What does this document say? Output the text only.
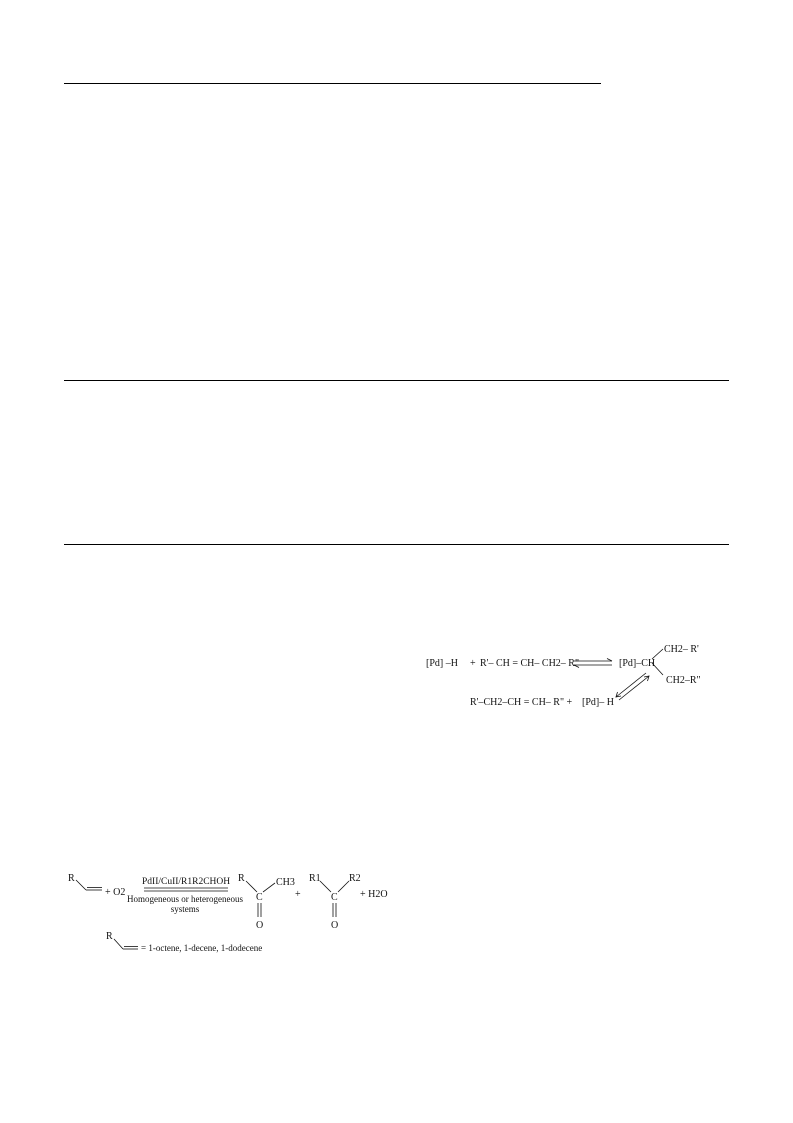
[Pd] –H + R'– CH = CH– CH2– R"	[Pd]–CH
CH2– R'
CH2–R"
R'–CH2–CH = CH– R" + [Pd]– H
R
+ O2
PdII/CuII/R1R2CHOH
Homogeneous or heterogeneous
systems
R
C
CH3
O
+
R1
C
R2
O
+ H2O
R
= 1-octene, 1-decene, 1-dodecene
